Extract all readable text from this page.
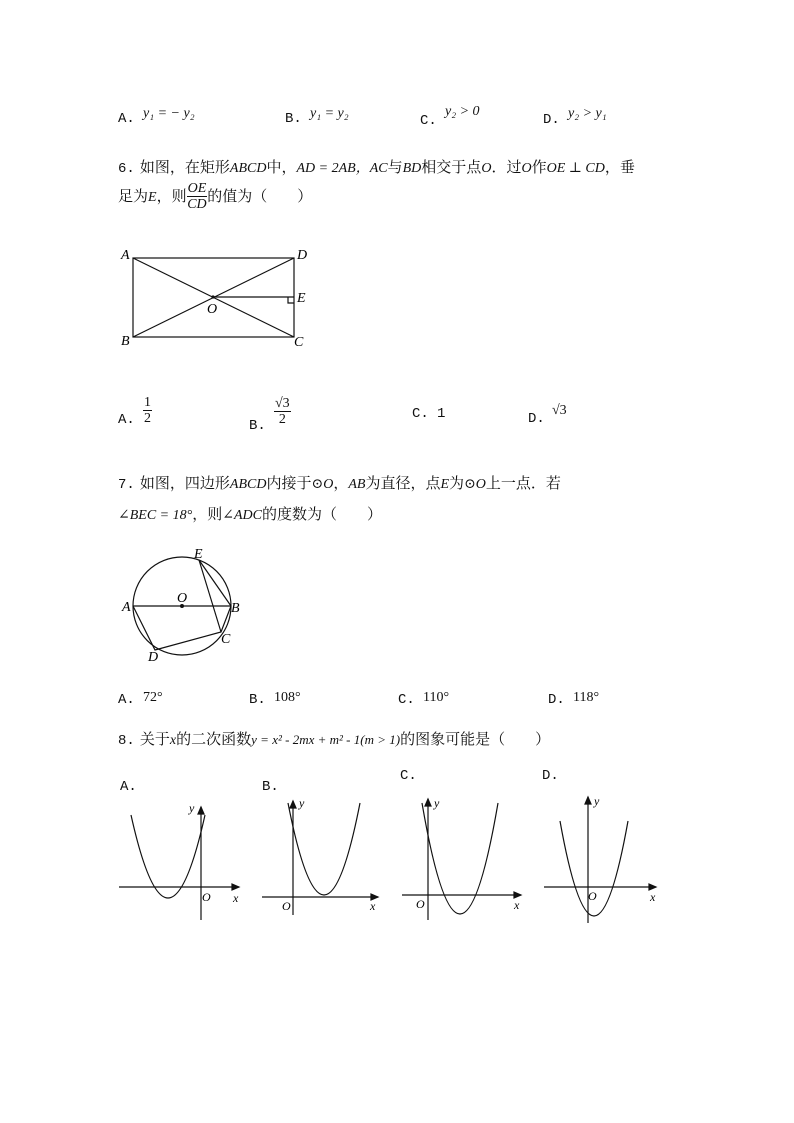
A. y₁ = − y₂	B. y₁ = y₂	C.
y₂ > 0
D. y₂ > y₁
6. 如图，在矩形ABCD中，AD = 2AB，AC与BD相交于点O．过O作OE ⊥ CD，垂
足为E，则 $\frac{OE}{CD}$ 的值为（　　）
A
B	C
D
E
O
A. $\frac{1}{2}$	B. $\frac{√3}{2}$	C. 1	D.
√3
7. 如图，四边形ABCD内接于⊙O，AB为直径，点E为⊙O上一点．若
∠BEC = 18°，则∠ADC的度数为（　　）
A	B
C
D
E
O
A. 72°	B. 108°	C. 110°	D. 118°
8. 关于x的二次函数y = x² - 2mx + m² - 1(m > 1)的图象可能是（　　）
A.	B.
C.	D.
y
x
O
y
x
O
y
x
O
y
x
O
